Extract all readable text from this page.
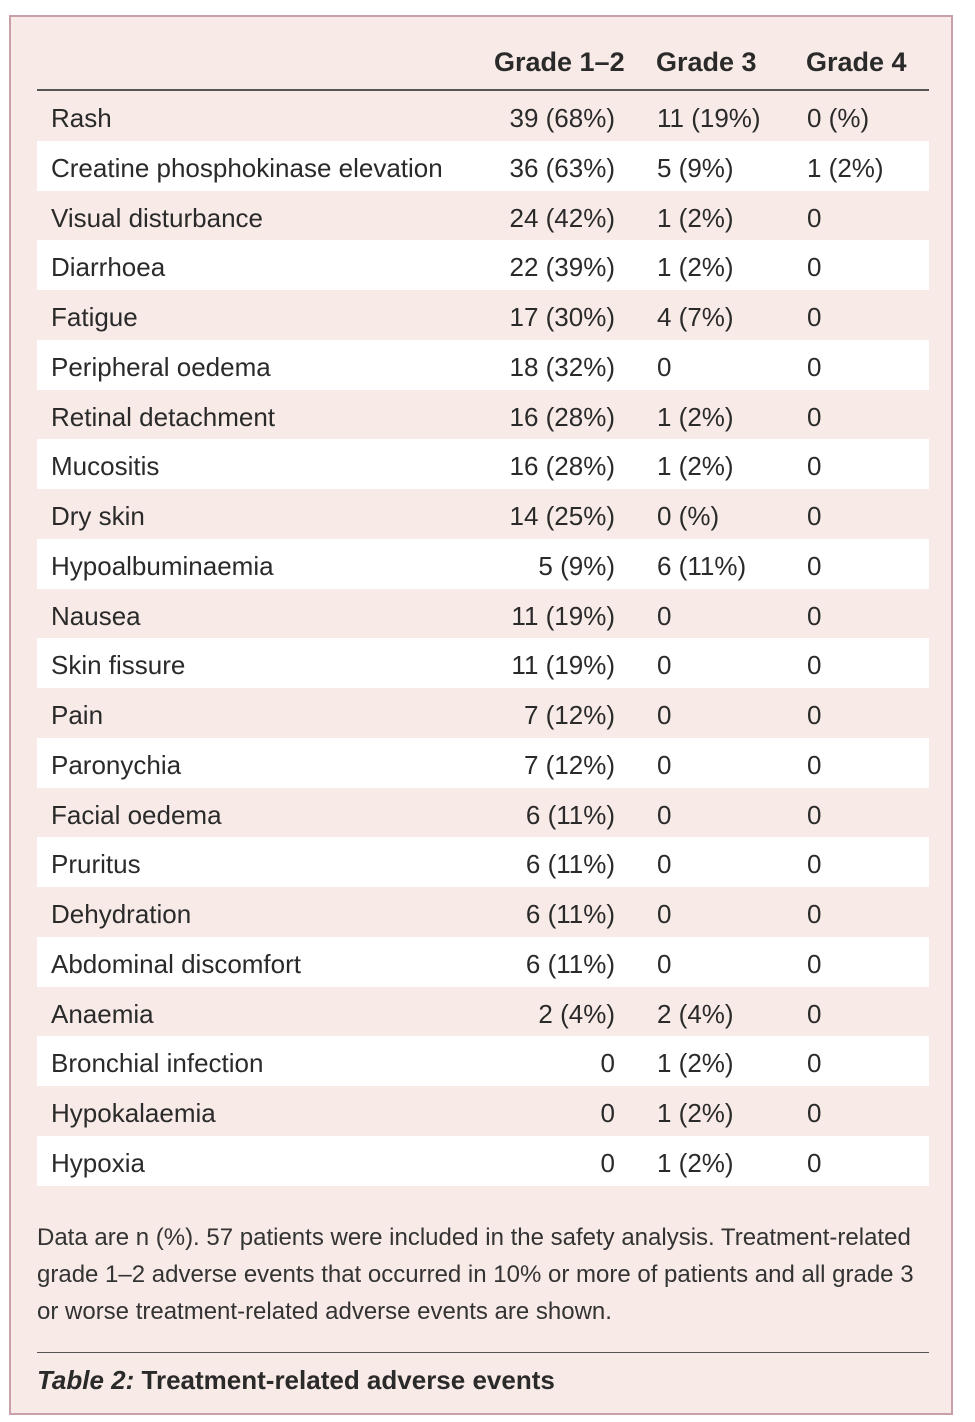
Grade 1–2 Grade 3 Grade 4
Rash	39 (68%) 11 (19%) 0 (%)
Creatine phosphokinase elevation	36 (63%) 5 (9%)	1 (2%)
Visual disturbance	24 (42%) 1 (2%)	0
Diarrhoea	22 (39%) 1 (2%)	0
Fatigue	17 (30%) 4 (7%)	0
Peripheral oedema	18 (32%) 0	0
Retinal detachment	16 (28%) 1 (2%)	0
Mucositis	16 (28%) 1 (2%)	0
Dry skin	14 (25%) 0 (%)	0
Hypoalbuminaemia	5 (9%) 6 (11%) 0
Nausea	11 (19%) 0	0
Skin fissure	11 (19%) 0	0
Pain	7 (12%) 0	0
Paronychia	7 (12%) 0	0
Facial oedema	6 (11%) 0	0
Pruritus	6 (11%) 0	0
Dehydration	6 (11%) 0	0
Abdominal discomfort	6 (11%) 0	0
Anaemia	2 (4%) 2 (4%)	0
Bronchial infection	0 1 (2%)	0
Hypokalaemia	0 1 (2%)	0
Hypoxia	0 1 (2%)	0
Data are n (%). 57 patients were included in the safety analysis. Treatment-related grade 1–2 adverse events that occurred in 10% or more of patients and all grade 3 or worse treatment-related adverse events are shown.
Table 2: Treatment-related adverse events
